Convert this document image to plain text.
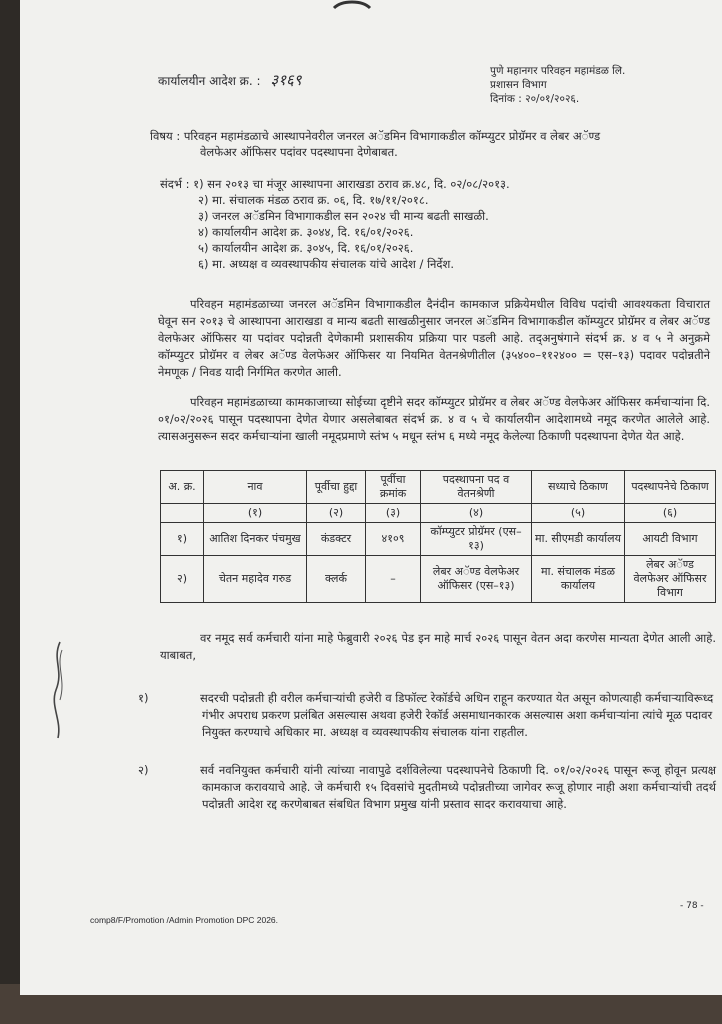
कार्यालयीन आदेश क्र. : ३१६९	पुणे महानगर परिवहन महामंडळ लि.
प्रशासन विभाग
दिनांक : २०/०१/२०२६.
विषय : परिवहन महामंडळाचे आस्थापनेवरील जनरल अॅडमिन विभागाकडील कॉम्प्युटर प्रोग्रॅमर व लेबर अॅण्ड
वेलफेअर ऑफिसर पदांवर पदस्थापना देणेबाबत.
संदर्भ : १) सन २०१३ चा मंजूर आस्थापना आराखडा ठराव क्र.४८, दि. ०२/०८/२०१३.
२) मा. संचालक मंडळ ठराव क्र. ०६, दि. १७/११/२०१८.
३) जनरल अॅडमिन विभागाकडील सन २०२४ ची मान्य बढती साखळी.
४) कार्यालयीन आदेश क्र. ३०४४, दि. १६/०१/२०२६.
५) कार्यालयीन आदेश क्र. ३०४५, दि. १६/०१/२०२६.
६) मा. अध्यक्ष व व्यवस्थापकीय संचालक यांचे आदेश / निर्देश.
परिवहन महामंडळाच्या जनरल अॅडमिन विभागाकडील दैनंदीन कामकाज प्रक्रियेमधील विविध पदांची आवश्यकता विचारात घेवून सन २०१३ चे आस्थापना आराखडा व मान्य बढती साखळीनुसार जनरल अॅडमिन विभागाकडील कॉम्प्युटर प्रोग्रॅमर व लेबर अॅण्ड वेलफेअर ऑफिसर या पदांवर पदोन्नती देणेकामी प्रशासकीय प्रक्रिया पार पडली आहे. तद्अनुषंगाने संदर्भ क्र. ४ व ५ ने अनुक्रमे कॉम्प्युटर प्रोग्रॅमर व लेबर अॅण्ड वेलफेअर ऑफिसर या नियमित वेतनश्रेणीतील (३५४००–११२४०० = एस–१३) पदावर पदोन्नतीने नेमणूक / निवड यादी निर्गमित करणेत आली.
परिवहन महामंडळाच्या कामकाजाच्या सोईच्या दृष्टीने सदर कॉम्प्युटर प्रोग्रॅमर व लेबर अॅण्ड वेलफेअर ऑफिसर कर्मचाऱ्यांना दि. ०१/०२/२०२६ पासून पदस्थापना देणेत येणार असलेबाबत संदर्भ क्र. ४ व ५ चे कार्यालयीन आदेशामध्ये नमूद करणेत आलेले आहे. त्यासअनुसरून सदर कर्मचाऱ्यांना खाली नमूदप्रमाणे स्तंभ ५ मधून स्तंभ ६ मध्ये नमूद केलेल्या ठिकाणी पदस्थापना देणेत येत आहे.
अ. क्र.	नाव	पूर्वीचा हुद्दा	पूर्वीचा क्रमांक	पदस्थापना पद व वेतनश्रेणी	सध्याचे ठिकाण	पदस्थापनेचे ठिकाण
	(१)	(२)	(३)	(४)	(५)	(६)
१)	आतिश दिनकर पंचमुख	कंडक्टर	४१०९	कॉम्प्युटर प्रोग्रॅमर (एस–१३)	मा. सीएमडी कार्यालय	आयटी विभाग
२)	चेतन महादेव गरुड	क्लर्क	–	लेबर अॅण्ड वेलफेअर ऑफिसर (एस–१३)	मा. संचालक मंडळ कार्यालय	लेबर अॅण्ड वेलफेअर ऑफिसर विभाग
वर नमूद सर्व कर्मचारी यांना माहे फेब्रुवारी २०२६ पेड इन माहे मार्च २०२६ पासून वेतन अदा करणेस मान्यता देणेत आली आहे. याबाबत,
१)	सदरची पदोन्नती ही वरील कर्मचाऱ्यांची हजेरी व डिफॉल्ट रेकॉर्डचे अधिन राहून करण्यात येत असून कोणत्याही कर्मचाऱ्याविरूध्द गंभीर अपराध प्रकरण प्रलंबित असल्यास अथवा हजेरी रेकॉर्ड असमाधानकारक असल्यास अशा कर्मचाऱ्यांना त्यांचे मूळ पदावर नियुक्त करण्याचे अधिकार मा. अध्यक्ष व व्यवस्थापकीय संचालक यांना राहतील.
२)	सर्व नवनियुक्त कर्मचारी यांनी त्यांच्या नावापुढे दर्शविलेल्या पदस्थापनेचे ठिकाणी दि. ०१/०२/२०२६ पासून रूजू होवून प्रत्यक्ष कामकाज करावयाचे आहे. जे कर्मचारी १५ दिवसांचे मुदतीमध्ये पदोन्नतीच्या जागेवर रूजू होणार नाही अशा कर्मचाऱ्यांची तदर्थ पदोन्नती आदेश रद्द करणेबाबत संबधित विभाग प्रमुख यांनी प्रस्ताव सादर करावयाचा आहे.
comp8/F/Promotion /Admin Promotion DPC 2026.
- 78 -
